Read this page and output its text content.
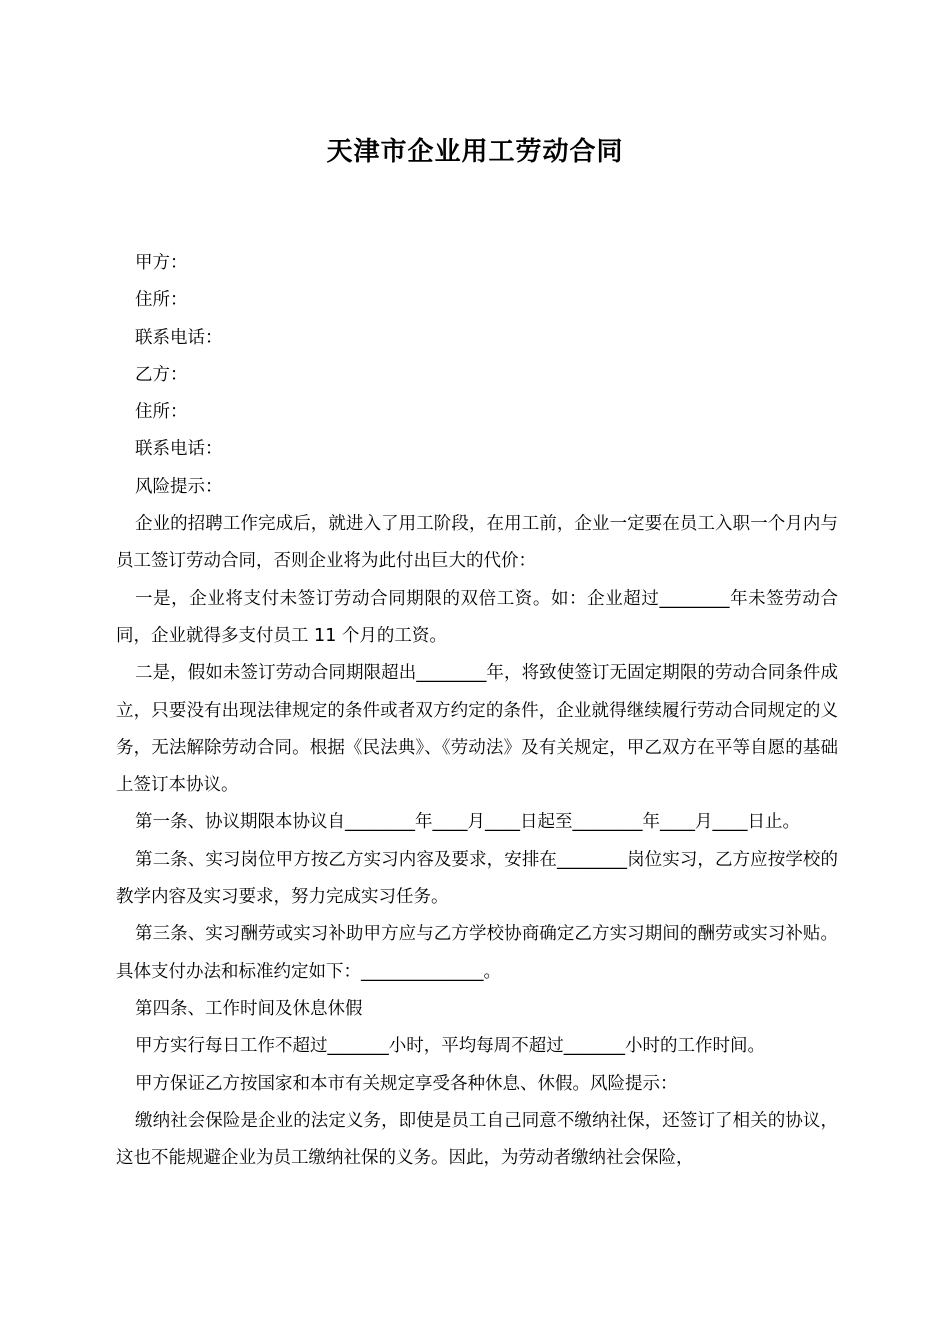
天津市企业用工劳动合同

甲方：

住所：

联系电话：

乙方：

住所：

联系电话：

风险提示：

企业的招聘工作完成后，就进入了用工阶段，在用工前，企业一定要在员工入职一个月内与员工签订劳动合同，否则企业将为此付出巨大的代价：

一是，企业将支付未签订劳动合同期限的双倍工资。如：企业超过________年未签劳动合同，企业就得多支付员工 11 个月的工资。

二是，假如未签订劳动合同期限超出________年，将致使签订无固定期限的劳动合同条件成立，只要没有出现法律规定的条件或者双方约定的条件，企业就得继续履行劳动合同规定的义务，无法解除劳动合同。根据《民法典》、《劳动法》及有关规定，甲乙双方在平等自愿的基础上签订本协议。

第一条、协议期限本协议自________年____月____日起至________年____月____日止。

第二条、实习岗位甲方按乙方实习内容及要求，安排在________岗位实习，乙方应按学校的教学内容及实习要求，努力完成实习任务。

第三条、实习酬劳或实习补助甲方应与乙方学校协商确定乙方实习期间的酬劳或实习补贴。具体支付办法和标准约定如下：______________。

第四条、工作时间及休息休假

甲方实行每日工作不超过_______小时，平均每周不超过_______小时的工作时间。

甲方保证乙方按国家和本市有关规定享受各种休息、休假。风险提示：

缴纳社会保险是企业的法定义务，即使是员工自己同意不缴纳社保，还签订了相关的协议，这也不能规避企业为员工缴纳社保的义务。因此，为劳动者缴纳社会保险，
